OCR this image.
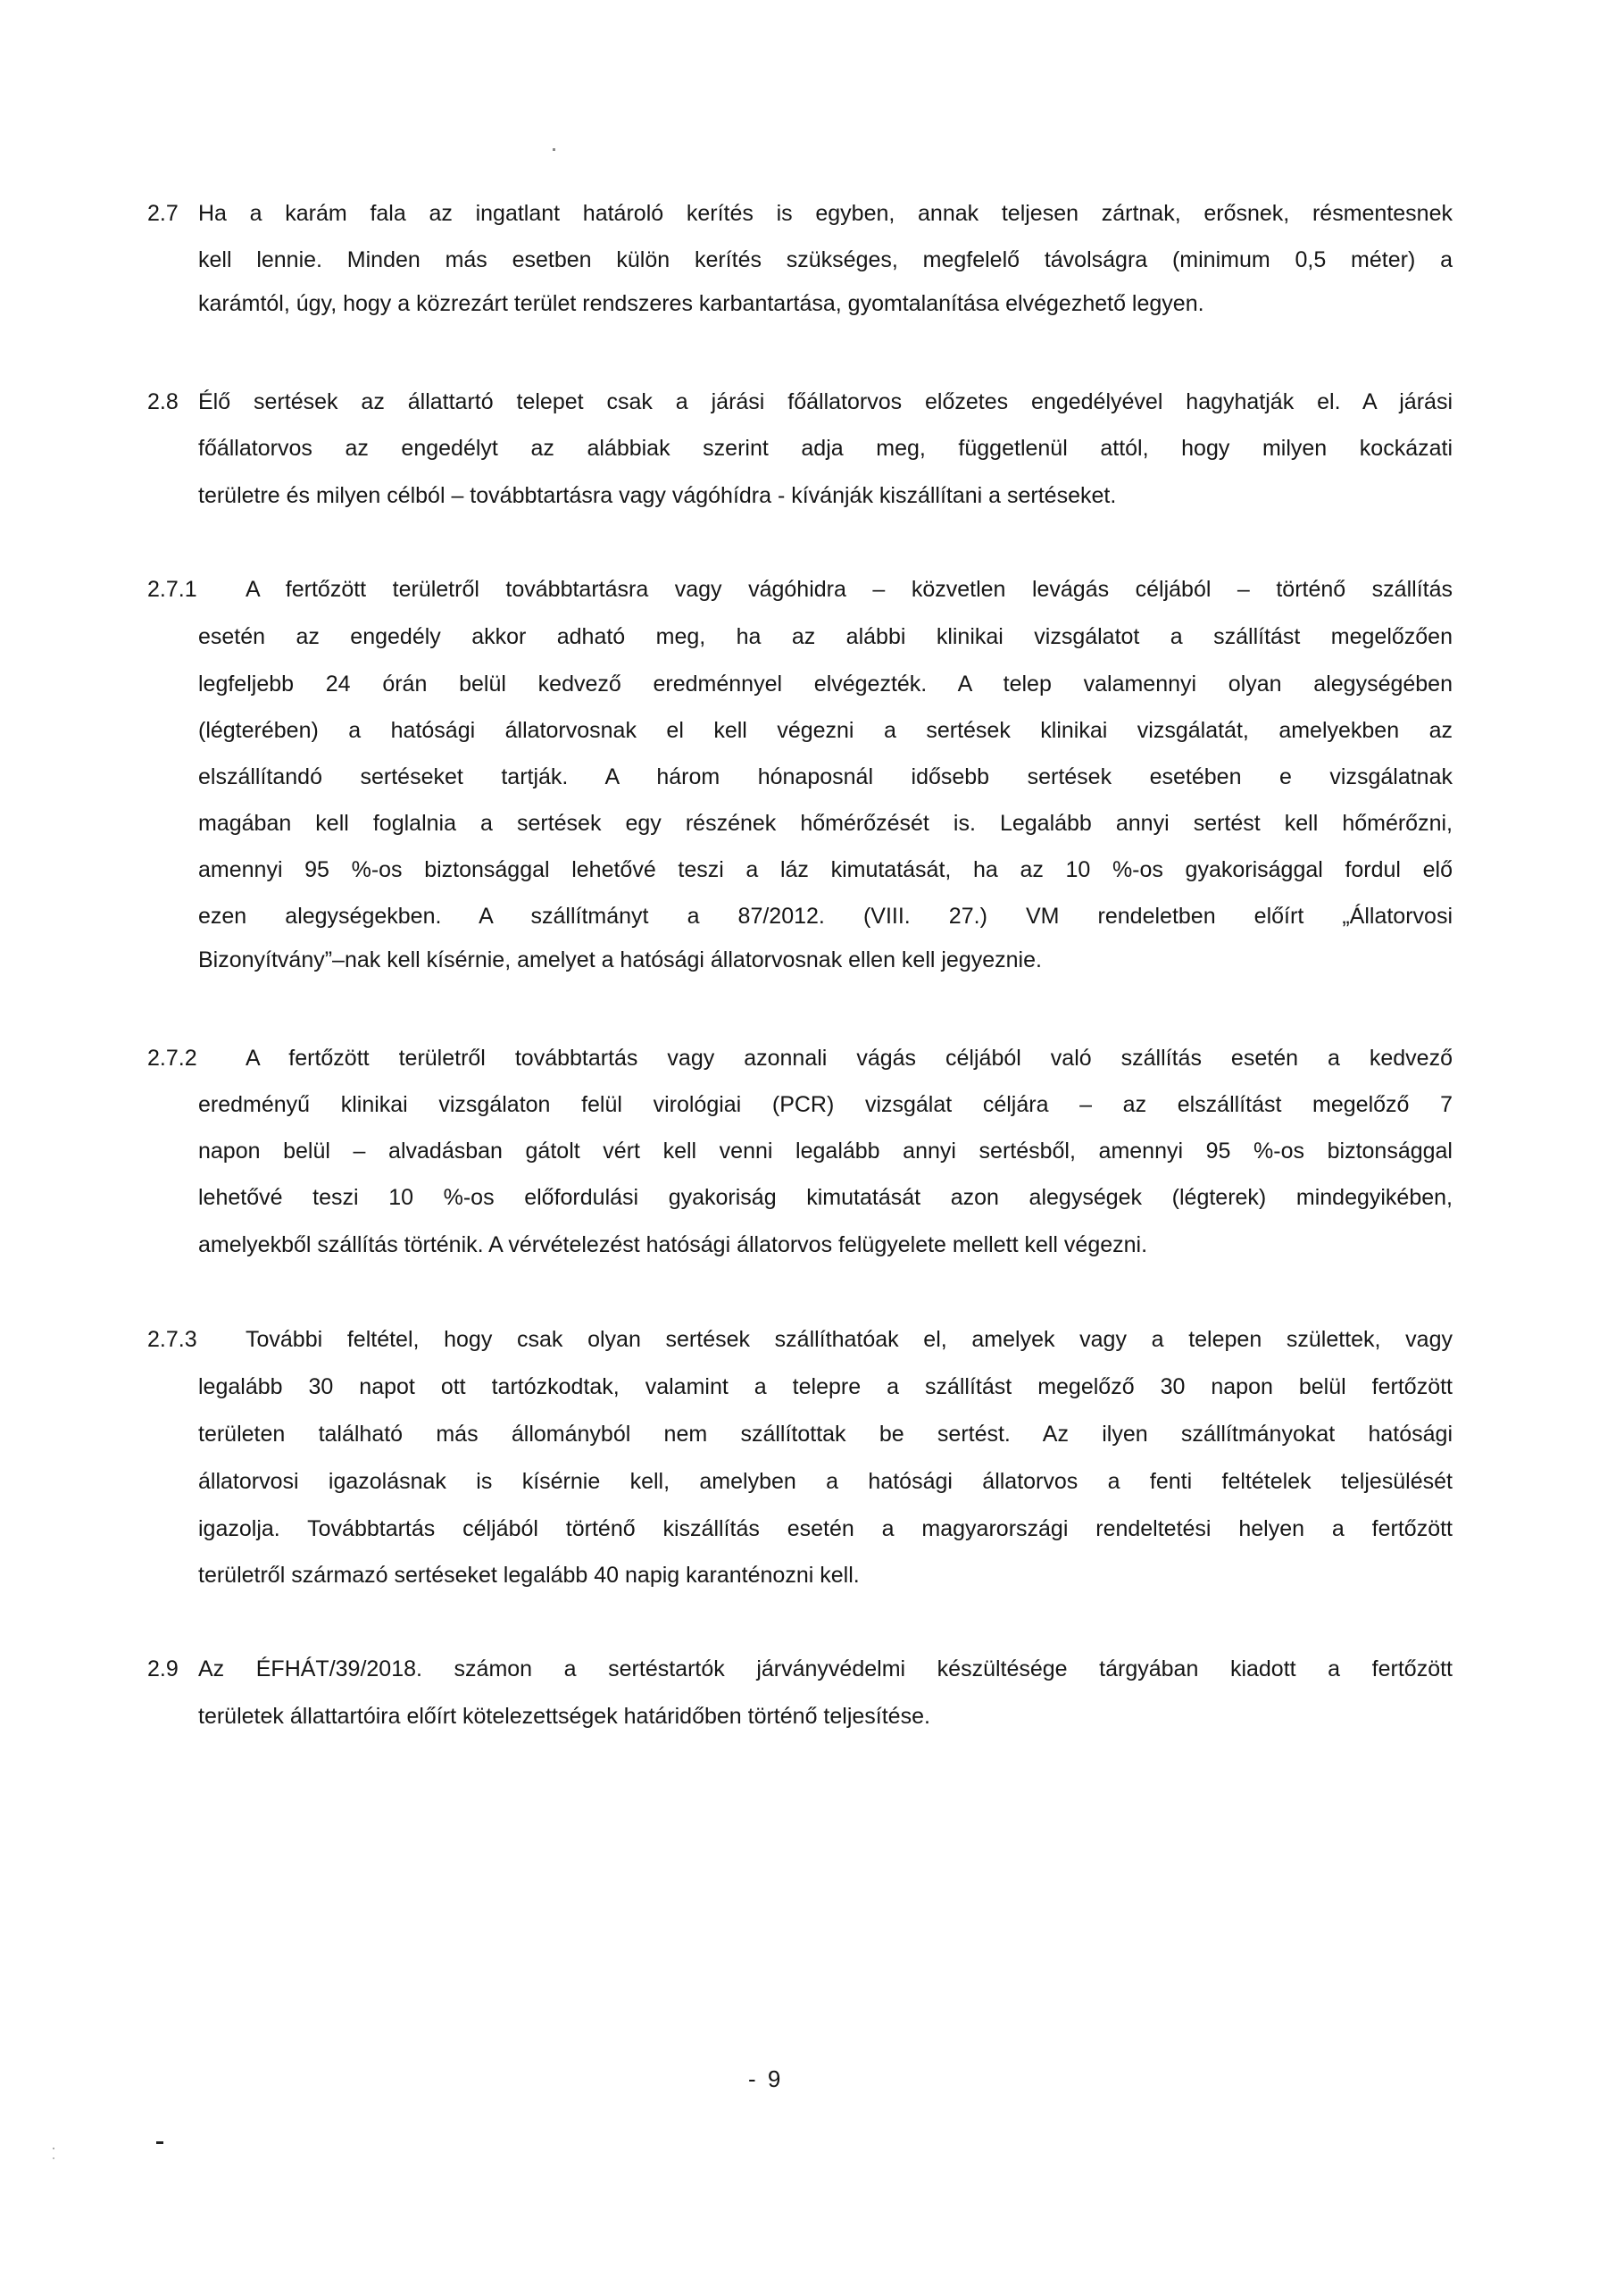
2.7 Ha a karám fala az ingatlant határoló kerítés is egyben, annak teljesen zártnak, erősnek, résmentesnek
kell lennie. Minden más esetben külön kerítés szükséges, megfelelő távolságra (minimum 0,5 méter) a
karámtól, úgy, hogy a közrezárt terület rendszeres karbantartása, gyomtalanítása elvégezhető legyen.
2.8 Élő sertések az állattartó telepet csak a járási főállatorvos előzetes engedélyével hagyhatják el. A járási
főállatorvos az engedélyt az alábbiak szerint adja meg, függetlenül attól, hogy milyen kockázati
területre és milyen célból – továbbtartásra vagy vágóhídra - kívánják kiszállítani a sertéseket.
2.7.1 A fertőzött területről továbbtartásra vagy vágóhidra – közvetlen levágás céljából – történő szállítás
esetén az engedély akkor adható meg, ha az alábbi klinikai vizsgálatot a szállítást megelőzően
legfeljebb 24 órán belül kedvező eredménnyel elvégezték. A telep valamennyi olyan alegységében
(légterében) a hatósági állatorvosnak el kell végezni a sertések klinikai vizsgálatát, amelyekben az
elszállítandó sertéseket tartják. A három hónaposnál idősebb sertések esetében e vizsgálatnak
magában kell foglalnia a sertések egy részének hőmérőzését is. Legalább annyi sertést kell hőmérőzni,
amennyi 95 %-os biztonsággal lehetővé teszi a láz kimutatását, ha az 10 %-os gyakorisággal fordul elő
ezen alegységekben. A szállítmányt a 87/2012. (VIII. 27.) VM rendeletben előírt „Állatorvosi
Bizonyítvány”–nak kell kísérnie, amelyet a hatósági állatorvosnak ellen kell jegyeznie.
2.7.2 A fertőzött területről továbbtartás vagy azonnali vágás céljából való szállítás esetén a kedvező
eredményű klinikai vizsgálaton felül virológiai (PCR) vizsgálat céljára – az elszállítást megelőző 7
napon belül – alvadásban gátolt vért kell venni legalább annyi sertésből, amennyi 95 %-os biztonsággal
lehetővé teszi 10 %-os előfordulási gyakoriság kimutatását azon alegységek (légterek) mindegyikében,
amelyekből szállítás történik. A vérvételezést hatósági állatorvos felügyelete mellett kell végezni.
2.7.3 További feltétel, hogy csak olyan sertések szállíthatóak el, amelyek vagy a telepen születtek, vagy
legalább 30 napot ott tartózkodtak, valamint a telepre a szállítást megelőző 30 napon belül fertőzött
területen található más állományból nem szállítottak be sertést. Az ilyen szállítmányokat hatósági
állatorvosi igazolásnak is kísérnie kell, amelyben a hatósági állatorvos a fenti feltételek teljesülését
igazolja. Továbbtartás céljából történő kiszállítás esetén a magyarországi rendeltetési helyen a fertőzött
területről származó sertéseket legalább 40 napig karanténozni kell.
2.9 Az ÉFHÁT/39/2018. számon a sertéstartók járványvédelmi készültésége tárgyában kiadott a fertőzött
területek állattartóira előírt kötelezettségek határidőben történő teljesítése.
- 9
